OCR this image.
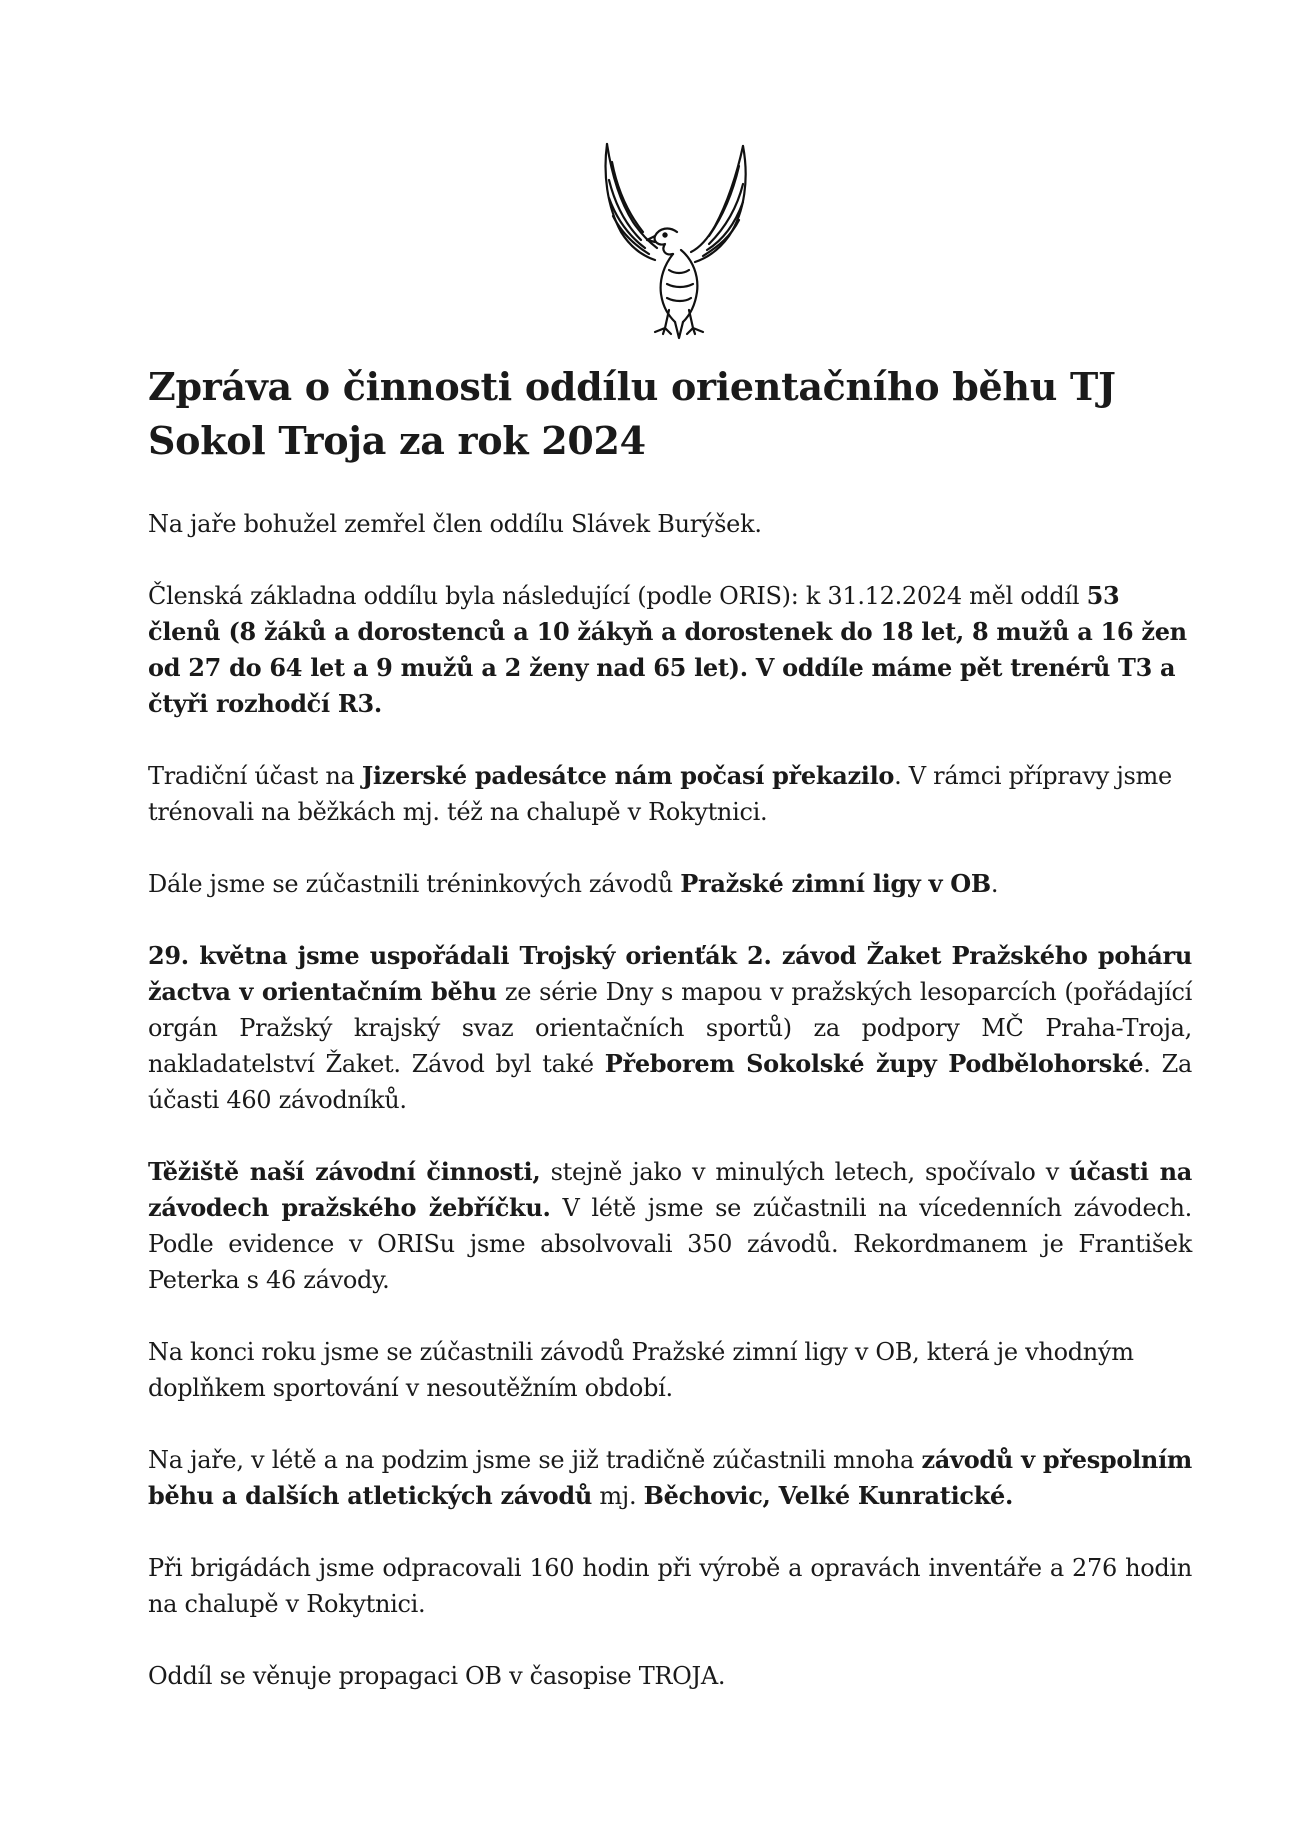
Zpráva o činnosti oddílu orientačního běhu TJ Sokol Troja za rok 2024

Na jaře bohužel zemřel člen oddílu Slávek Burýšek.

Členská základna oddílu byla následující (podle ORIS): k 31.12.2024 měl oddíl 53 členů (8 žáků a dorostenců a 10 žákyň a dorostenek do 18 let, 8 mužů a 16 žen od 27 do 64 let a 9 mužů a 2 ženy nad 65 let). V oddíle máme pět trenérů T3 a čtyři rozhodčí R3.

Tradiční účast na Jizerské padesátce nám počasí překazilo. V rámci přípravy jsme trénovali na běžkách mj. též na chalupě v Rokytnici.

Dále jsme se zúčastnili tréninkových závodů Pražské zimní ligy v OB.

29. května jsme uspořádali Trojský orienťák 2. závod Žaket Pražského poháru žactva v orientačním běhu ze série Dny s mapou v pražských lesoparcích (pořádající orgán Pražský krajský svaz orientačních sportů) za podpory MČ Praha-Troja, nakladatelství Žaket. Závod byl také Přeborem Sokolské župy Podbělohorské. Za účasti 460 závodníků.

Těžiště naší závodní činnosti, stejně jako v minulých letech, spočívalo v účasti na závodech pražského žebříčku. V létě jsme se zúčastnili na vícedenních závodech. Podle evidence v ORISu jsme absolvovali 350 závodů. Rekordmanem je František Peterka s 46 závody.

Na konci roku jsme se zúčastnili závodů Pražské zimní ligy v OB, která je vhodným doplňkem sportování v nesoutěžním období.

Na jaře, v létě a na podzim jsme se již tradičně zúčastnili mnoha závodů v přespolním běhu a dalších atletických závodů mj. Běchovic, Velké Kunratické.

Při brigádách jsme odpracovali 160 hodin při výrobě a opravách inventáře a 276 hodin na chalupě v Rokytnici.

Oddíl se věnuje propagaci OB v časopise TROJA.
